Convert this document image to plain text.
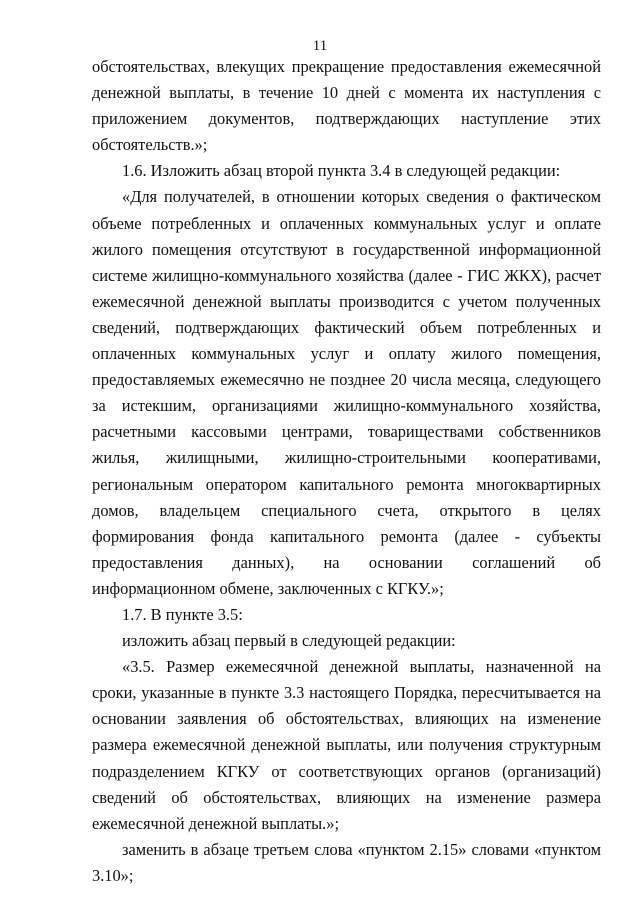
11

обстоятельствах, влекущих прекращение предоставления ежемесячной денежной выплаты, в течение 10 дней с момента их наступления с приложением документов, подтверждающих наступление этих обстоятельств.»;

1.6. Изложить абзац второй пункта 3.4 в следующей редакции:

«Для получателей, в отношении которых сведения о фактическом объеме потребленных и оплаченных коммунальных услуг и оплате жилого помещения отсутствуют в государственной информационной системе жилищно-коммунального хозяйства (далее - ГИС ЖКХ), расчет ежемесячной денежной выплаты производится с учетом полученных сведений, подтверждающих фактический объем потребленных и оплаченных коммунальных услуг и оплату жилого помещения, предоставляемых ежемесячно не позднее 20 числа месяца, следующего за истекшим, организациями жилищно-коммунального хозяйства, расчетными кассовыми центрами, товариществами собственников жилья, жилищными, жилищно-строительными кооперативами, региональным оператором капитального ремонта многоквартирных домов, владельцем специального счета, открытого в целях формирования фонда капитального ремонта (далее - субъекты предоставления данных), на основании соглашений об информационном обмене, заключенных с КГКУ.»;

1.7. В пункте 3.5:

изложить абзац первый в следующей редакции:

«3.5. Размер ежемесячной денежной выплаты, назначенной на сроки, указанные в пункте 3.3 настоящего Порядка, пересчитывается на основании заявления об обстоятельствах, влияющих на изменение размера ежемесячной денежной выплаты, или получения структурным подразделением КГКУ от соответствующих органов (организаций) сведений об обстоятельствах, влияющих на изменение размера ежемесячной денежной выплаты.»;

заменить в абзаце третьем слова «пунктом 2.15» словами «пунктом 3.10»;
